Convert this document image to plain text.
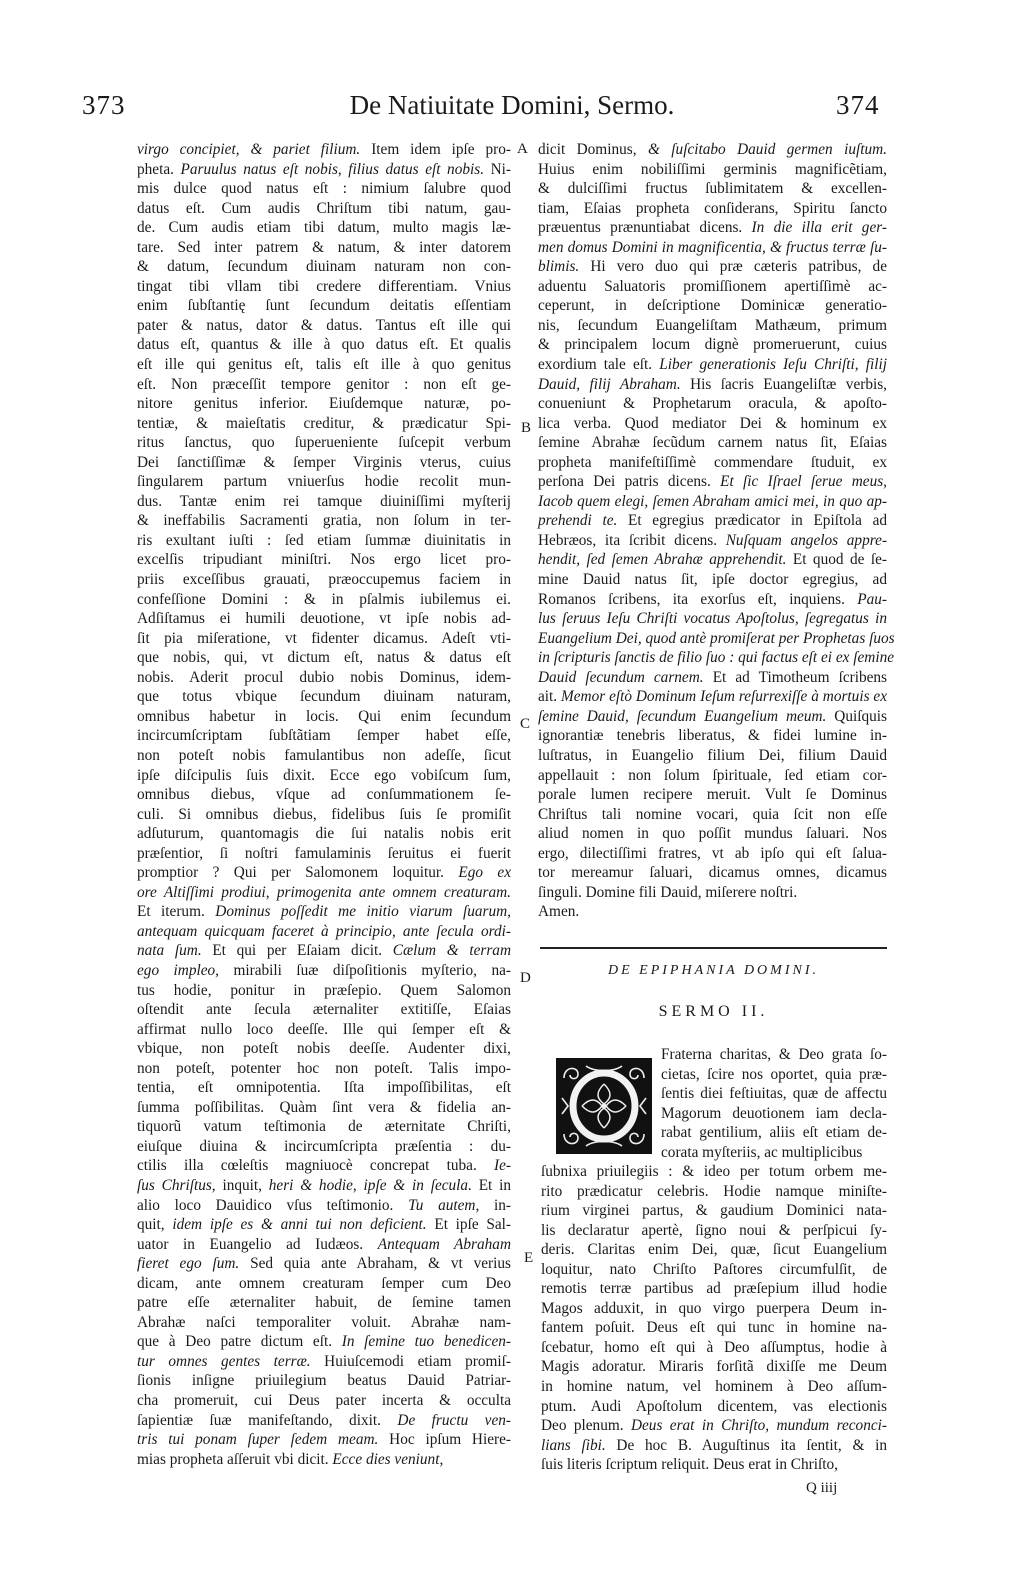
373	De Natiuitate Domini, Sermo.	374
virgo concipiet, & pariet filium. Item idem ipſe pro-
pheta. Paruulus natus eſt nobis, filius datus eſt nobis. Ni-
mis dulce quod natus eſt : nimium ſalubre quod
datus eſt. Cum audis Chriſtum tibi natum, gau-
de. Cum audis etiam tibi datum, multo magis læ-
tare. Sed inter patrem & natum, & inter datorem
& datum, ſecundum diuinam naturam non con-
tingat tibi vllam tibi credere differentiam. Vnius
enim ſubſtantię ſunt ſecundum deitatis eſſentiam
pater & natus, dator & datus. Tantus eſt ille qui
datus eſt, quantus & ille à quo datus eſt. Et qualis
eſt ille qui genitus eſt, talis eſt ille à quo genitus
eſt. Non præceſſit tempore genitor : non eſt ge-
nitore genitus inferior. Eiuſdemque naturæ, po-
tentiæ, & maieſtatis creditur, & prædicatur Spi-
ritus ſanctus, quo ſuperueniente ſuſcepit verbum
Dei ſanctiſſimæ & ſemper Virginis vterus, cuius
ſingularem partum vniuerſus hodie recolit mun-
dus. Tantæ enim rei tamque diuiniſſimi myſterij
& ineffabilis Sacramenti gratia, non ſolum in ter-
ris exultant iuſti : ſed etiam ſummæ diuinitatis in
excelſis tripudiant miniſtri. Nos ergo licet pro-
priis exceſſibus grauati, præoccupemus faciem in
confeſſione Domini : & in pſalmis iubilemus ei.
Adſiſtamus ei humili deuotione, vt ipſe nobis ad-
ſit pia miſeratione, vt fidenter dicamus. Adeſt vti-
que nobis, qui, vt dictum eſt, natus & datus eſt
nobis. Aderit procul dubio nobis Dominus, idem-
que totus vbique ſecundum diuinam naturam,
omnibus habetur in locis. Qui enim ſecundum
incircumſcriptam ſubſtãtiam ſemper habet eſſe,
non poteſt nobis famulantibus non adeſſe, ſicut
ipſe diſcipulis ſuis dixit. Ecce ego vobiſcum ſum,
omnibus diebus, vſque ad conſummationem ſe-
culi. Si omnibus diebus, fidelibus ſuis ſe promiſit
adſuturum, quantomagis die ſui natalis nobis erit
præſentior, ſi noſtri famulaminis ſeruitus ei fuerit
promptior ? Qui per Salomonem loquitur. Ego ex
ore Altiſſimi prodiui, primogenita ante omnem creaturam.
Et iterum. Dominus poſſedit me initio viarum ſuarum,
antequam quicquam faceret à principio, ante ſecula ordi-
nata ſum. Et qui per Eſaiam dicit. Cælum & terram
ego impleo, mirabili ſuæ diſpoſitionis myſterio, na-
tus hodie, ponitur in præſepio. Quem Salomon
oſtendit ante ſecula æternaliter extitiſſe, Eſaias
affirmat nullo loco deeſſe. Ille qui ſemper eſt &
vbique, non poteſt nobis deeſſe. Audenter dixi,
non poteſt, potenter hoc non poteſt. Talis impo-
tentia, eſt omnipotentia. Iſta impoſſibilitas, eſt
ſumma poſſibilitas. Quàm ſint vera & fidelia an-
tiquorũ vatum teſtimonia de æternitate Chriſti,
eiuſque diuina & incircumſcripta præſentia : du-
ctilis illa cœleſtis magniuocè concrepat tuba. Ie-
ſus Chriſtus, inquit, heri & hodie, ipſe & in ſecula. Et in
alio loco Dauidico vſus teſtimonio. Tu autem, in-
quit, idem ipſe es & anni tui non deficient. Et ipſe Sal-
uator in Euangelio ad Iudæos. Antequam Abraham
fieret ego ſum. Sed quia ante Abraham, & vt verius
dicam, ante omnem creaturam ſemper cum Deo
patre eſſe æternaliter habuit, de ſemine tamen
Abrahæ naſci temporaliter voluit. Abrahæ nam-
que à Deo patre dictum eſt. In ſemine tuo benedicen-
tur omnes gentes terræ. Huiuſcemodi etiam promiſ-
ſionis inſigne priuilegium beatus Dauid Patriar-
cha promeruit, cui Deus pater incerta & occulta
ſapientiæ ſuæ manifeſtando, dixit. De fructu ven-
tris tui ponam ſuper ſedem meam. Hoc ipſum Hiere-
mias propheta aſſeruit vbi dicit. Ecce dies veniunt,
dicit Dominus, & ſuſcitabo Dauid germen iuſtum.
Huius enim nobiliſſimi germinis magnificẽtiam,
& dulciſſimi fructus ſublimitatem & excellen-
tiam, Eſaias propheta conſiderans, Spiritu ſancto
præuentus prænuntiabat dicens. In die illa erit ger-
men domus Domini in magnificentia, & fructus terræ ſu-
blimis. Hi vero duo qui præ cæteris patribus, de
aduentu Saluatoris promiſſionem apertiſſimè ac-
ceperunt, in deſcriptione Dominicæ generatio-
nis, ſecundum Euangeliſtam Mathæum, primum
& principalem locum dignè promeruerunt, cuius
exordium tale eſt. Liber generationis Ieſu Chriſti, filij
Dauid, filij Abraham. His ſacris Euangeliſtæ verbis,
conueniunt & Prophetarum oracula, & apoſto-
lica verba. Quod mediator Dei & hominum ex
ſemine Abrahæ ſecũdum carnem natus ſit, Eſaias
propheta manifeſtiſſimè commendare ſtuduit, ex
perſona Dei patris dicens. Et ſic Iſrael ſerue meus,
Iacob quem elegi, ſemen Abraham amici mei, in quo ap-
prehendi te. Et egregius prædicator in Epiſtola ad
Hebræos, ita ſcribit dicens. Nuſquam angelos appre-
hendit, ſed ſemen Abrahæ apprehendit. Et quod de ſe-
mine Dauid natus ſit, ipſe doctor egregius, ad
Romanos ſcribens, ita exorſus eſt, inquiens. Pau-
lus ſeruus Ieſu Chriſti vocatus Apoſtolus, ſegregatus in
Euangelium Dei, quod antè promiſerat per Prophetas ſuos
in ſcripturis ſanctis de filio ſuo : qui factus eſt ei ex ſemine
Dauid ſecundum carnem. Et ad Timotheum ſcribens
ait. Memor eſtò Dominum Ieſum reſurrexiſſe à mortuis ex
ſemine Dauid, ſecundum Euangelium meum. Quiſquis
ignorantiæ tenebris liberatus, & fidei lumine in-
luſtratus, in Euangelio filium Dei, filium Dauid
appellauit : non ſolum ſpirituale, ſed etiam cor-
porale lumen recipere meruit. Vult ſe Dominus
Chriſtus tali nomine vocari, quia ſcit non eſſe
aliud nomen in quo poſſit mundus ſaluari. Nos
ergo, dilectiſſimi fratres, vt ab ipſo qui eſt ſalua-
tor mereamur ſaluari, dicamus omnes, dicamus
ſinguli. Domine fili Dauid, miſerere noſtri.
Amen.
A
B
C
D
E
DE EPIPHANIA DOMINI.
SERMO II.
Fraterna charitas, & Deo grata ſo-
cietas, ſcire nos oportet, quia præ-
ſentis diei feſtiuitas, quæ de affectu
Magorum deuotionem iam decla-
rabat gentilium, aliis eſt etiam de-
corata myſteriis, ac multiplicibus
ſubnixa priuilegiis : & ideo per totum orbem me-
rito prædicatur celebris. Hodie namque miniſte-
rium virginei partus, & gaudium Dominici nata-
lis declaratur apertè, ſigno noui & perſpicui ſy-
deris. Claritas enim Dei, quæ, ſicut Euangelium
loquitur, nato Chriſto Paſtores circumfulſit, de
remotis terræ partibus ad præſepium illud hodie
Magos adduxit, in quo virgo puerpera Deum in-
fantem poſuit. Deus eſt qui tunc in homine na-
ſcebatur, homo eſt qui à Deo aſſumptus, hodie à
Magis adoratur. Miraris forſitã dixiſſe me Deum
in homine natum, vel hominem à Deo aſſum-
ptum. Audi Apoſtolum dicentem, vas electionis
Deo plenum. Deus erat in Chriſto, mundum reconci-
lians ſibi. De hoc B. Auguſtinus ita ſentit, & in
ſuis literis ſcriptum reliquit. Deus erat in Chriſto,
Q iiij
